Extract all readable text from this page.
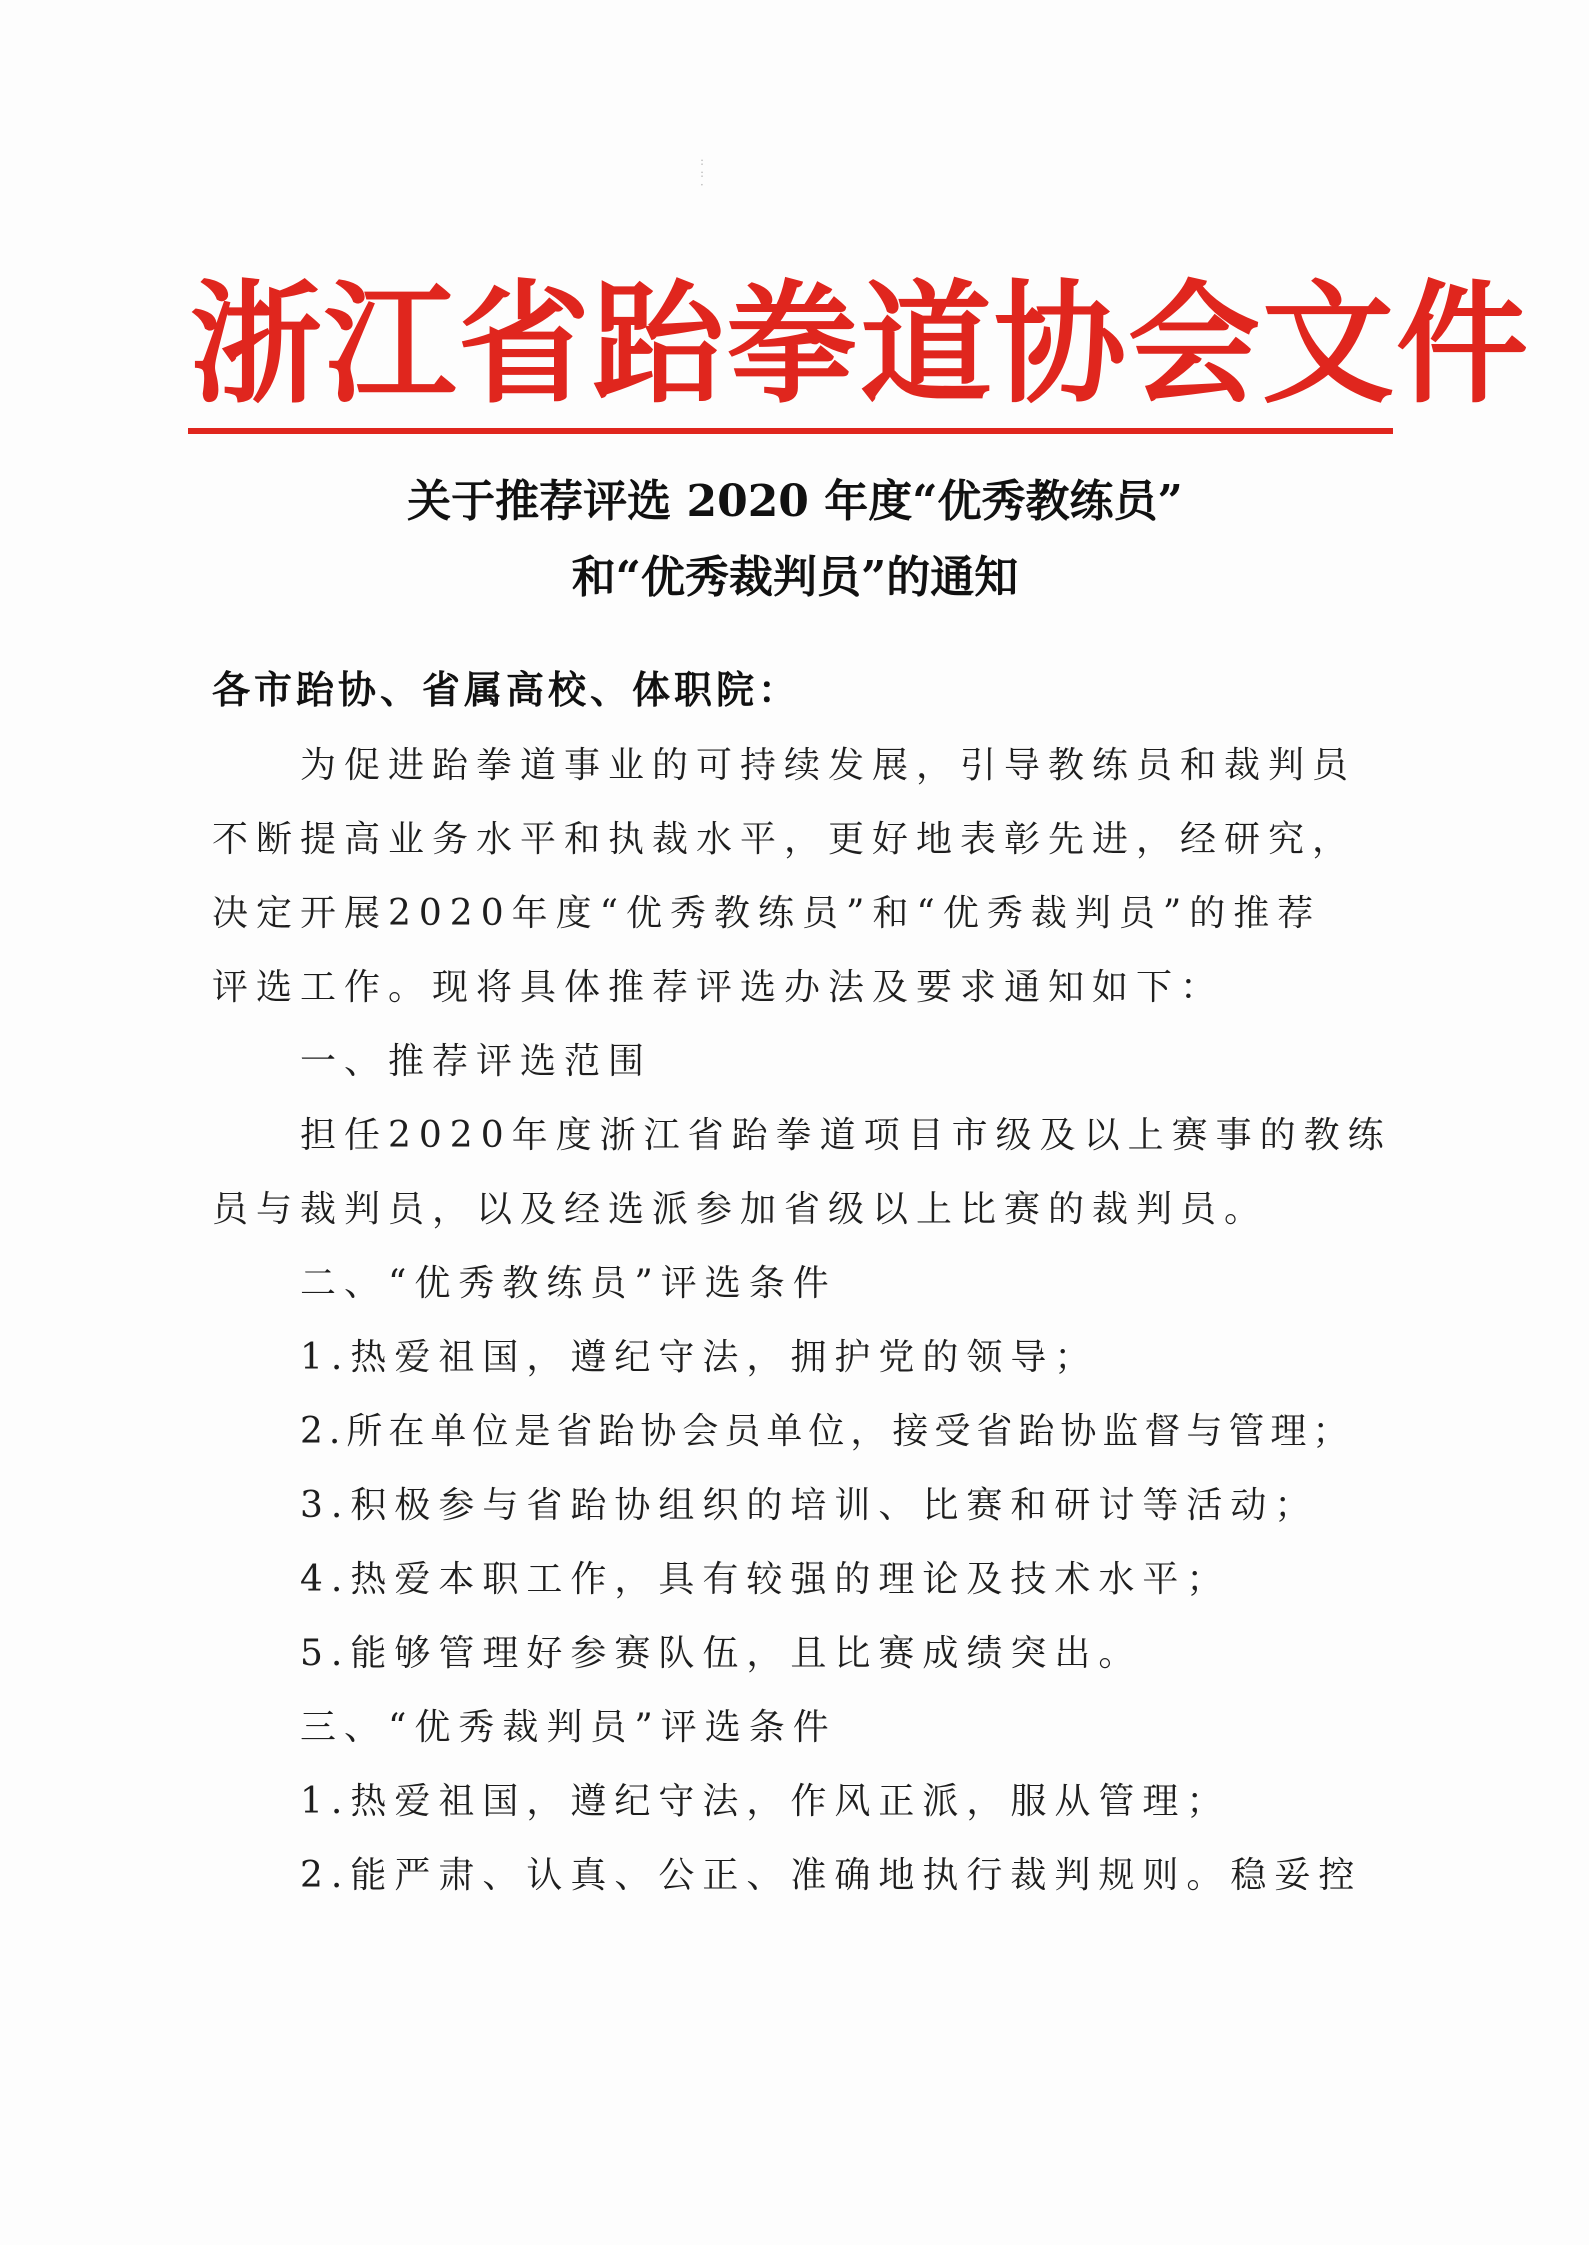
:
:
·
浙江省跆拳道协会文件
关于推荐评选 2020 年度“优秀教练员”
和“优秀裁判员”的通知
各市跆协、省属高校、体职院：
为促进跆拳道事业的可持续发展，引导教练员和裁判员
不断提高业务水平和执裁水平，更好地表彰先进，经研究，
决定开展2020年度“优秀教练员”和“优秀裁判员”的推荐
评选工作。现将具体推荐评选办法及要求通知如下：
一、推荐评选范围
担任2020年度浙江省跆拳道项目市级及以上赛事的教练
员与裁判员，以及经选派参加省级以上比赛的裁判员。
二、“优秀教练员”评选条件
1.热爱祖国，遵纪守法，拥护党的领导；
2.所在单位是省跆协会员单位，接受省跆协监督与管理；
3.积极参与省跆协组织的培训、比赛和研讨等活动；
4.热爱本职工作，具有较强的理论及技术水平；
5.能够管理好参赛队伍，且比赛成绩突出。
三、“优秀裁判员”评选条件
1.热爱祖国，遵纪守法，作风正派，服从管理；
2.能严肃、认真、公正、准确地执行裁判规则。稳妥控
